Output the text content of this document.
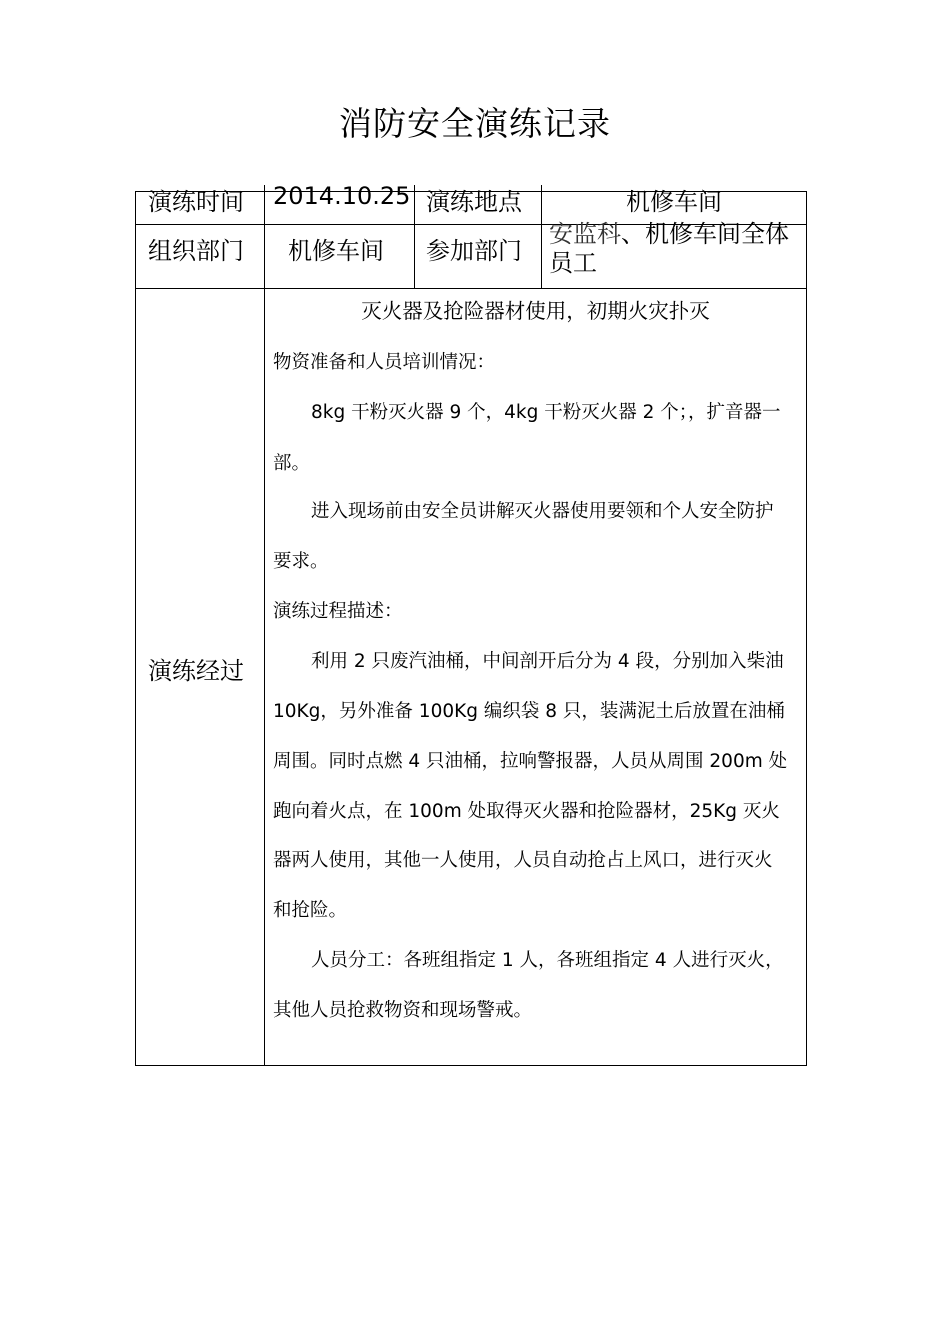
消防安全演练记录
演练时间 2014.10.25 演练地点	机修车间
组织部门 机修车间 参加部门
安监科、机修车间全体
员工
演练经过
灭火器及抢险器材使用，初期火灾扑灭
物资准备和人员培训情况：
8kg 干粉灭火器 9 个，4kg 干粉灭火器 2 个；，扩音器一
部。
进入现场前由安全员讲解灭火器使用要领和个人安全防护
要求。
演练过程描述：
利用 2 只废汽油桶，中间剖开后分为 4 段，分别加入柴油
10Kg，另外准备 100Kg 编织袋 8 只，装满泥土后放置在油桶
周围。同时点燃 4 只油桶，拉响警报器，人员从周围 200m 处
跑向着火点，在 100m 处取得灭火器和抢险器材，25Kg 灭火
器两人使用，其他一人使用，人员自动抢占上风口，进行灭火
和抢险。
人员分工：各班组指定 1 人，各班组指定 4 人进行灭火，
其他人员抢救物资和现场警戒。
